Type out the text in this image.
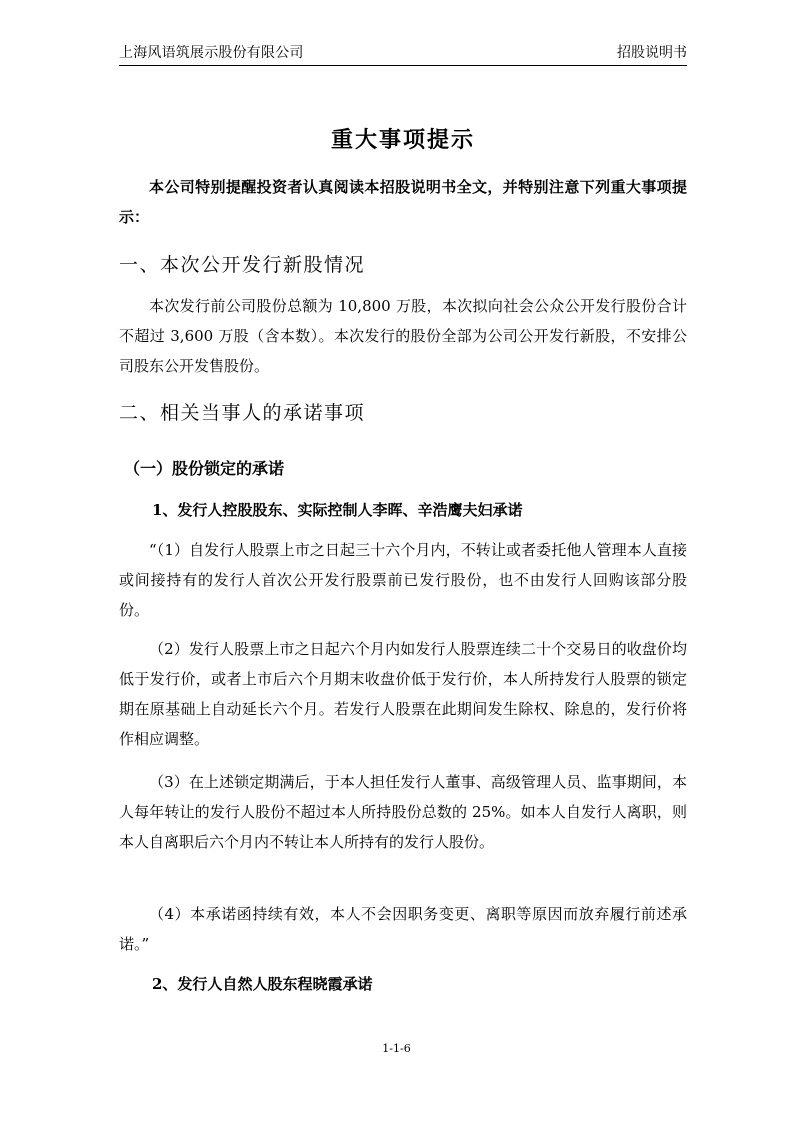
上海风语筑展示股份有限公司	招股说明书
重大事项提示

本公司特别提醒投资者认真阅读本招股说明书全文，并特别注意下列重大事项提示：

一、本次公开发行新股情况

本次发行前公司股份总额为 10,800 万股，本次拟向社会公众公开发行股份合计不超过 3,600 万股（含本数）。本次发行的股份全部为公司公开发行新股，不安排公司股东公开发售股份。

二、相关当事人的承诺事项
（一）股份锁定的承诺
1、发行人控股股东、实际控制人李晖、辛浩鹰夫妇承诺

“（1）自发行人股票上市之日起三十六个月内，不转让或者委托他人管理本人直接或间接持有的发行人首次公开发行股票前已发行股份，也不由发行人回购该部分股份。

（2）发行人股票上市之日起六个月内如发行人股票连续二十个交易日的收盘价均低于发行价，或者上市后六个月期末收盘价低于发行价，本人所持发行人股票的锁定期在原基础上自动延长六个月。若发行人股票在此期间发生除权、除息的，发行价将作相应调整。

（3）在上述锁定期满后，于本人担任发行人董事、高级管理人员、监事期间，本人每年转让的发行人股份不超过本人所持股份总数的 25%。如本人自发行人离职，则本人自离职后六个月内不转让本人所持有的发行人股份。

（4）本承诺函持续有效，本人不会因职务变更、离职等原因而放弃履行前述承诺。”

2、发行人自然人股东程晓霞承诺
1-1-6
